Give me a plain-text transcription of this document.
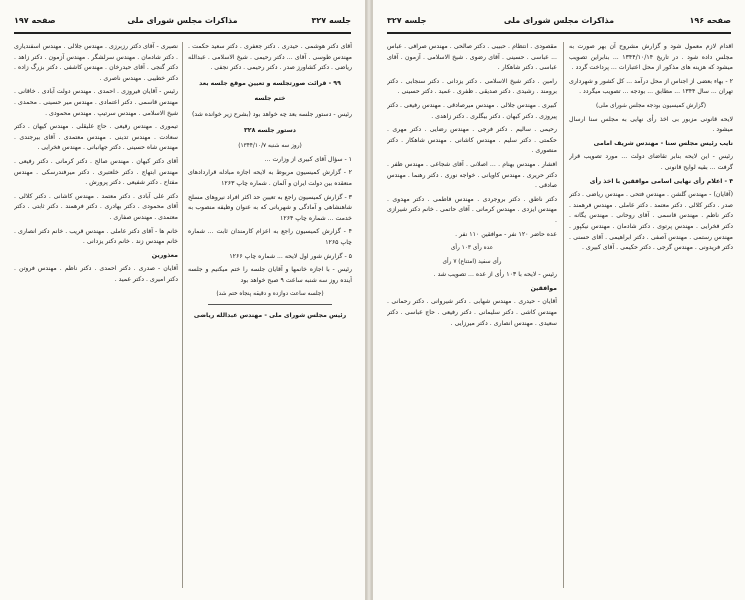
جلسه ۳۲۷
مذاکرات مجلس شورای ملی
صفحه ۱۹۷

آقای دکتر هوشمی . حیدری . دکتر جعفری . دکتر سعید حکمت . مهندس طوسی . آقای ... دکتر رحیمی . شیخ الاسلامی . عبدالله ریاضی . دکتر کشاورز صدر . دکتر رحیمی . دکتر نجفی .

۹۹ - قرائت صورتجلسه و تعیین موقع جلسه بعد

ختم جلسه

رئیس - دستور جلسه بعد چه خواهد بود (بشرح زیر خوانده شد)

دستور جلسه ۳۲۸

(روز سه شنبه ۱۳۴۴/۱۰/۷)

۱ - سؤال آقای کبیری از وزارت ...

۲ - گزارش کمیسیون مربوط به لایحه اجازه مبادله قراردادهای منعقده بین دولت ایران و آلمان . شماره چاپ ۱۲۶۳

۳ - گزارش کمیسیون راجع به تعیین حد اکثر افراد نیروهای مسلح شاهنشاهی و آمادگی و شهربانی که به عنوان وظیفه منصوب به خدمت ... شماره چاپ ۱۲۶۴

۴ - گزارش کمیسیون راجع به اعزام کارمندان ثابت ... شماره چاپ ۱۲۶۵

۵ - گزارش شور اول لایحه ... شماره چاپ ۱۲۶۶

رئیس - با اجازه خانمها و آقایان جلسه را ختم میکنیم و جلسه آینده روز سه شنبه ساعت ۹ صبح خواهد بود

(جلسه ساعت دوازده و دقیقه پنجاه ختم شد)

رئیس مجلس شورای ملی - مهندس عبدالله ریاضی

نصیری - آقای دکتر رزبرزی . مهندس جلالی . مهندس اسفندیاری . دکتر شادمان . مهندس سرلشگر . مهندس آزمون . دکتر زاهد . دکتر گنجی . آقای حیدرخان . مهندس کاشفی . دکتر بزرگ زاده . دکتر خطیبی . مهندس ناصری .

رئیس - آقایان فیروزی . احمدی . مهندس دولت آبادی . خاقانی . مهندس قاسمی . دکتر اعتمادی . مهندس میر حسینی . محمدی . شیخ الاسلامی . مهندس سرتیپ . مهندس محمودی .

تیموری . مهندس رفیعی . حاج علیقلی . مهندس کیهان . دکتر سعادت . مهندس تدینی . مهندس معتمدی . آقای بیرجندی . مهندس شاه حسینی . دکتر جهانبانی . مهندس فخرایی .

آقای دکتر کیهان . مهندس صالح . دکتر کرمانی . دکتر رفیعی . مهندس ابتهاج . دکتر خلعتبری . دکتر میرفندرسکی . مهندس مفتاح . دکتر شفیعی . دکتر پرورش .

دکتر علی آبادی . دکتر معتمد . مهندس کاشانی . دکتر کلالی . آقای محمودی . دکتر بهادری . دکتر فرهمند . دکتر ثابتی . دکتر معتمدی . مهندس صفاری .

خانم ها - آقای دکتر عاملی . مهندس قریب . خانم دکتر انصاری . خانم مهندس زند . خانم دکتر یزدانی .

معذورین

آقایان - صدری . دکتر احمدی . دکتر ناظم . مهندس فروتن . دکتر امیری . دکتر عمید .

صفحه ۱۹۶
مذاکرات مجلس شورای ملی
جلسه ۳۲۷

اقدام لازم معمول شود و گزارش مشروح آن بهر صورت به مجلس داده شود . در تاریخ ۱۳۴۴/۱۰/۱۴ ... بنابراین تصویب میشود که هزینه های مذکور از محل اعتبارات ... پرداخت گردد .

۲ - بهاء بعضی از اجناس از محل درآمد ... کل کشور و شهرداری تهران ... سال ۱۳۴۴ ... مطابق ... بودجه ... تصویب میگردد .

(گزارش کمیسیون بودجه مجلس شورای ملی)

لایحه قانونی مزبور بی اخذ رأی نهایی به مجلس سنا ارسال میشود .

نایب رئیس مجلس سنا - مهندس شریف امامی

رئیس - این لایحه بنابر تقاضای دولت ... مورد تصویب قرار گرفت ... بقیه لوایح قانونی .

۴ - اعلام رأی نهایی اسامی موافقین با اخذ رأی

(آقایان) - مهندس گلشن . مهندس فتحی . مهندس ریاضی . دکتر صدر . دکتر کلالی . دکتر معتمد . دکتر عاملی . مهندس فرهمند . دکتر ناظم . مهندس قاسمی . آقای روحانی . مهندس یگانه . دکتر فخرایی . مهندس پرتوی . دکتر شادمان . مهندس نیکپور . مهندس رستمی . مهندس آصفی . دکتر ابراهیمی . آقای حسنی . دکتر فریدونی . مهندس گرجی . دکتر حکیمی . آقای کبیری .

مقصودی . انتظام . حبیبی . دکتر صالحی . مهندس صرافی . عباس ... عباسی . حسینی . آقای رضوی . شیخ الاسلامی . آزمون . آقای عباسی . دکتر شاهکار .

رامین . دکتر شیخ الاسلامی . دکتر یزدانی . دکتر سنجابی . دکتر برومند . رشیدی . دکتر صدیقی . ظفری . عمید . دکتر حسینی .

کبیری . مهندس جلالی . مهندس میرصادقی . مهندس رفیعی . دکتر پیروزی . دکتر کیهان . دکتر بیگلری . دکتر زاهدی .

رحیمی . سالیم . دکتر فرجی . مهندس رضایی . دکتر مهری . حکمتی . دکتر سلیم . مهندس کاشانی . مهندس شاهکار . دکتر منصوری .

افشار . مهندس بهنام . ... اصلانی . آقای شجاعی . مهندس ظفر . دکتر حریری . مهندس کاویانی . خواجه نوری . دکتر رهنما . مهندس صادقی .

دکتر ناطق . دکتر بروجردی . مهندس فاطمی . دکتر مهدوی . مهندس ایزدی . مهندس کرمانی . آقای حاتمی . خانم دکتر شیرازی .

عده حاضر ۱۲۰ نفر - موافقین ۱۱۰ نفر .

عده رأی ۱۰۳ رأی

رأی سفید (امتناع) ۷ رأی

رئیس - لایحه با ۱۰۳ رأی از عده ... تصویب شد .

موافقین

آقایان - حیدری . مهندس شهابی . دکتر شیروانی . دکتر رحمانی . مهندس کاشی . دکتر سلیمانی . دکتر رفیعی . حاج عباسی . دکتر سعیدی . مهندس انصاری . دکتر میرزایی .
